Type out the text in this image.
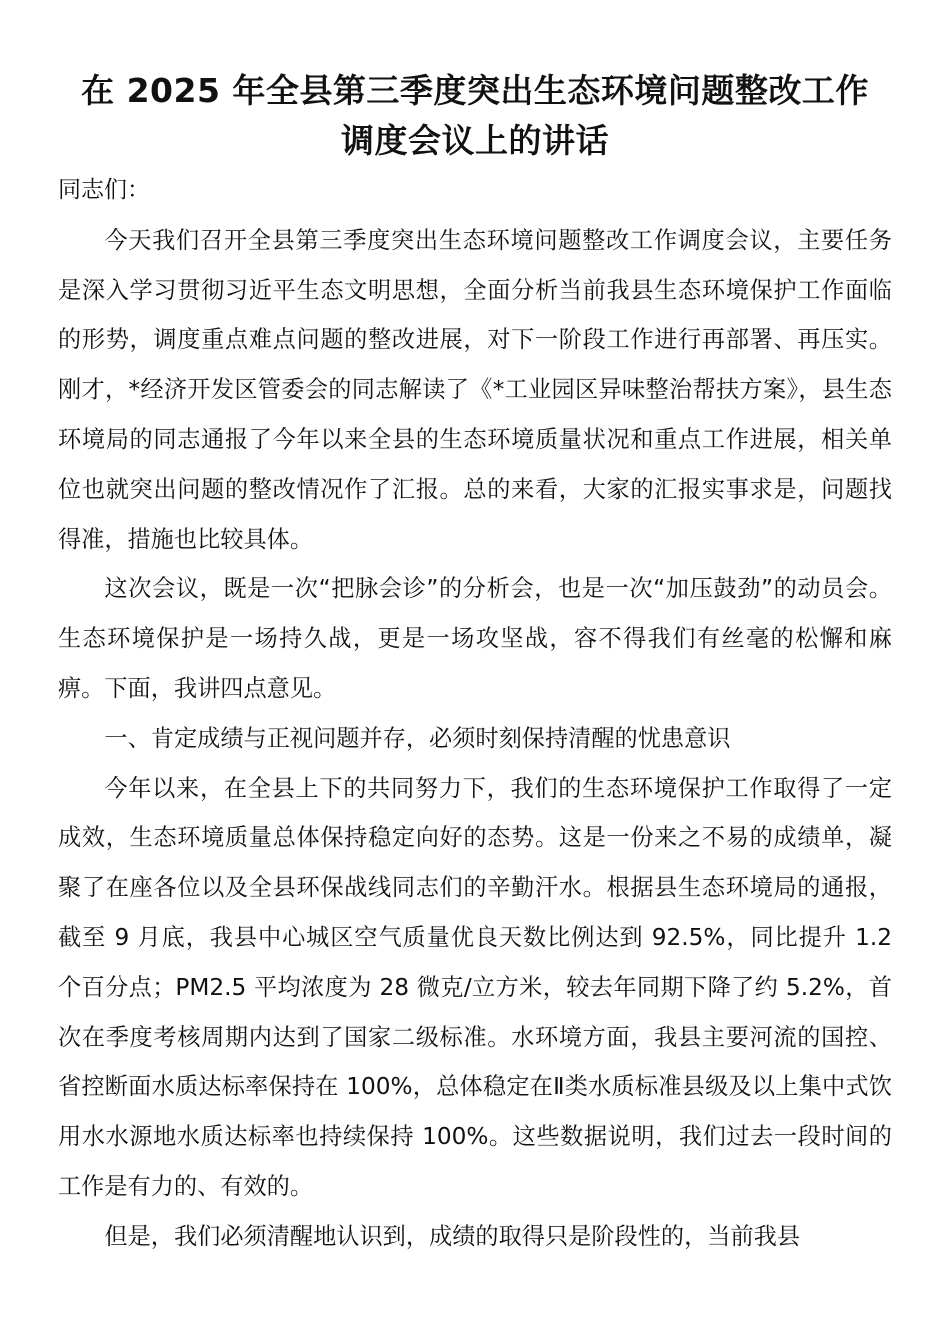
在 2025 年全县第三季度突出生态环境问题整改工作
调度会议上的讲话

同志们：

今天我们召开全县第三季度突出生态环境问题整改工作调度会议，主要任务是深入学习贯彻习近平生态文明思想，全面分析当前我县生态环境保护工作面临的形势，调度重点难点问题的整改进展，对下一阶段工作进行再部署、再压实。刚才，*经济开发区管委会的同志解读了《*工业园区异味整治帮扶方案》，县生态环境局的同志通报了今年以来全县的生态环境质量状况和重点工作进展，相关单位也就突出问题的整改情况作了汇报。总的来看，大家的汇报实事求是，问题找得准，措施也比较具体。

这次会议，既是一次“把脉会诊”的分析会，也是一次“加压鼓劲”的动员会。生态环境保护是一场持久战，更是一场攻坚战，容不得我们有丝毫的松懈和麻痹。下面，我讲四点意见。

一、肯定成绩与正视问题并存，必须时刻保持清醒的忧患意识

今年以来，在全县上下的共同努力下，我们的生态环境保护工作取得了一定成效，生态环境质量总体保持稳定向好的态势。这是一份来之不易的成绩单，凝聚了在座各位以及全县环保战线同志们的辛勤汗水。根据县生态环境局的通报，截至 9 月底，我县中心城区空气质量优良天数比例达到 92.5%，同比提升 1.2 个百分点；PM2.5 平均浓度为 28 微克/立方米，较去年同期下降了约 5.2%，首次在季度考核周期内达到了国家二级标准。水环境方面，我县主要河流的国控、省控断面水质达标率保持在 100%，总体稳定在Ⅱ类水质标准县级及以上集中式饮用水水源地水质达标率也持续保持 100%。这些数据说明，我们过去一段时间的工作是有力的、有效的。

但是，我们必须清醒地认识到，成绩的取得只是阶段性的，当前我县
